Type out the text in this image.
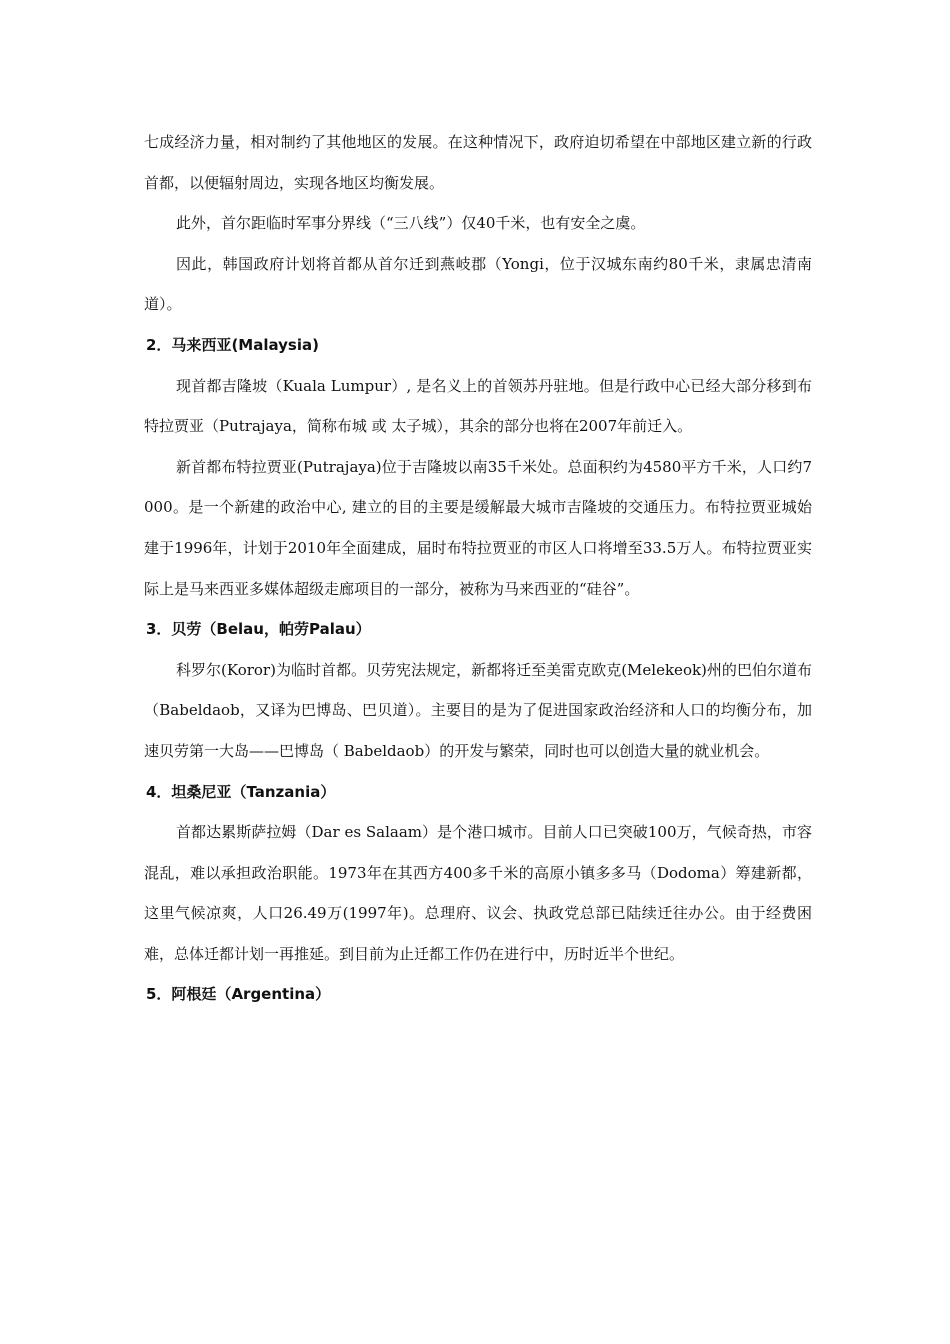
七成经济力量，相对制约了其他地区的发展。在这种情况下，政府迫切希望在中部地区建立新的行政首都，以便辐射周边，实现各地区均衡发展。

此外，首尔距临时军事分界线（“三八线”）仅40千米，也有安全之虞。

因此，韩国政府计划将首都从首尔迁到燕岐郡（Yongi，位于汉城东南约80千米，隶属忠清南道）。

2．马来西亚(Malaysia)

现首都吉隆坡（Kuala Lumpur）, 是名义上的首领苏丹驻地。但是行政中心已经大部分移到布特拉贾亚（Putrajaya，简称布城 或 太子城），其余的部分也将在2007年前迁入。

新首都布特拉贾亚(Putrajaya)位于吉隆坡以南35千米处。总面积约为4580平方千米，人口约7000。是一个新建的政治中心, 建立的目的主要是缓解最大城市吉隆坡的交通压力。布特拉贾亚城始建于1996年，计划于2010年全面建成，届时布特拉贾亚的市区人口将增至33.5万人。布特拉贾亚实际上是马来西亚多媒体超级走廊项目的一部分，被称为马来西亚的“硅谷”。

3．贝劳（Belau，帕劳Palau）

科罗尔(Koror)为临时首都。贝劳宪法规定，新都将迁至美雷克欧克(Melekeok)州的巴伯尔道布（Babeldaob，又译为巴博岛、巴贝道）。主要目的是为了促进国家政治经济和人口的均衡分布，加速贝劳第一大岛——巴博岛（ Babeldaob）的开发与繁荣，同时也可以创造大量的就业机会。

4．坦桑尼亚（Tanzania）

首都达累斯萨拉姆（Dar es Salaam）是个港口城市。目前人口已突破100万，气候奇热，市容混乱，难以承担政治职能。1973年在其西方400多千米的高原小镇多多马（Dodoma）筹建新都，这里气候凉爽，人口26.49万(1997年)。总理府、议会、执政党总部已陆续迁往办公。由于经费困难，总体迁都计划一再推延。到目前为止迁都工作仍在进行中，历时近半个世纪。

5．阿根廷（Argentina）
